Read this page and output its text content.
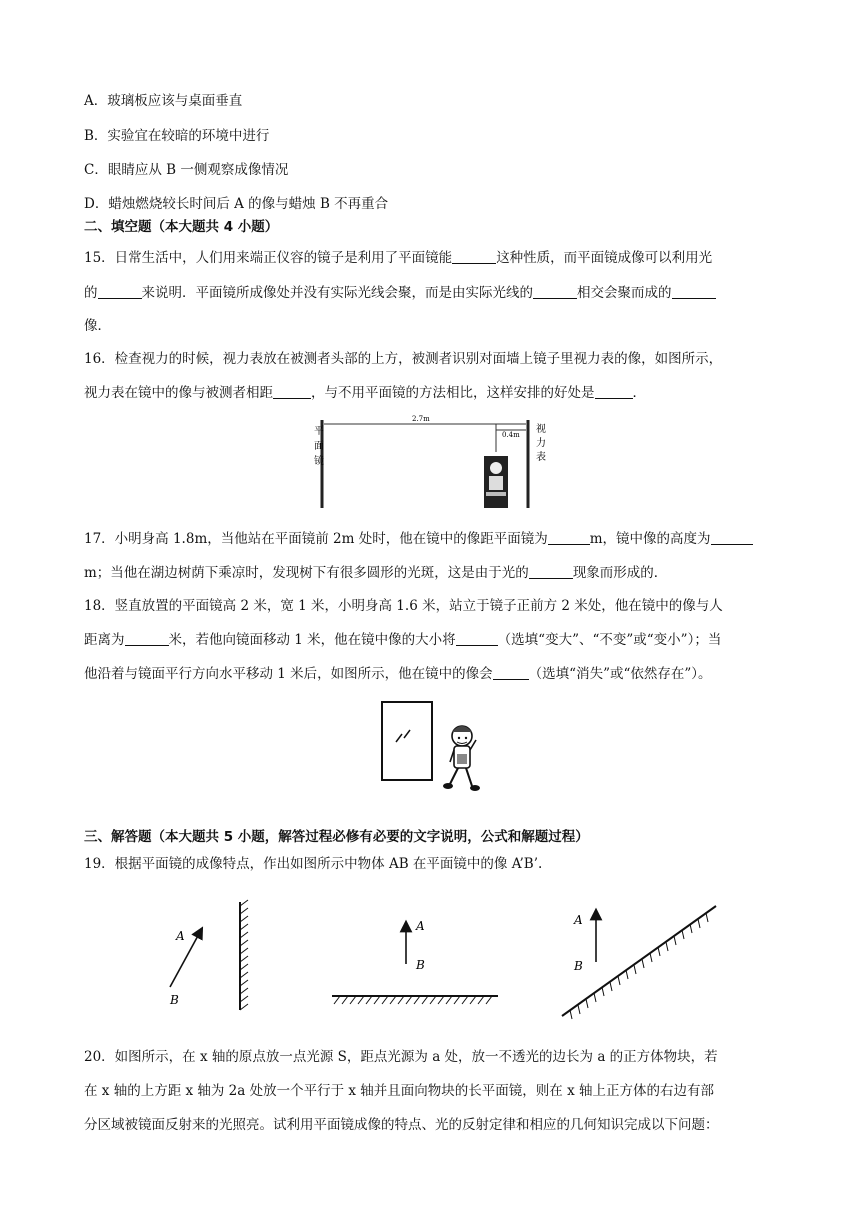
A．玻璃板应该与桌面垂直
B．实验宜在较暗的环境中进行
C．眼睛应从 B 一侧观察成像情况
D．蜡烛燃烧较长时间后 A 的像与蜡烛 B 不再重合
二、填空题（本大题共 4 小题）
15．日常生活中，人们用来端正仪容的镜子是利用了平面镜能	这种性质，而平面镜成像可以利用光
的	来说明．平面镜所成像处并没有实际光线会聚，而是由实际光线的	相交会聚而成的
像．
16．检查视力的时候，视力表放在被测者头部的上方，被测者识别对面墙上镜子里视力表的像，如图所示，
视力表在镜中的像与被测者相距	，与不用平面镜的方法相比，这样安排的好处是	．
平
面
镜
2.7m
0.4m 视
力
表
17．小明身高 1.8m，当他站在平面镜前 2m 处时，他在镜中的像距平面镜为	m，镜中像的高度为
m；当他在湖边树荫下乘凉时，发现树下有很多圆形的光斑，这是由于光的	现象而形成的．
18．竖直放置的平面镜高 2 米，宽 1 米，小明身高 1.6 米，站立于镜子正前方 2 米处，他在镜中的像与人
距离为	米，若他向镜面移动 1 米，他在镜中像的大小将	（选填“变大”、“不变”或“变小”）；当
他沿着与镜面平行方向水平移动 1 米后，如图所示，他在镜中的像会	（选填“消失”或“依然存在”）。
三、解答题（本大题共 5 小题，解答过程必修有必要的文字说明，公式和解题过程）
19．根据平面镜的成像特点，作出如图所示中物体 AB 在平面镜中的像 A’B’.
A
B
A
B
A
B
20．如图所示，在 x 轴的原点放一点光源 S，距点光源为 a 处，放一不透光的边长为 a 的正方体物块，若
在 x 轴的上方距 x 轴为 2a 处放一个平行于 x 轴并且面向物块的长平面镜，则在 x 轴上正方体的右边有部
分区域被镜面反射来的光照亮。试利用平面镜成像的特点、光的反射定律和相应的几何知识完成以下问题：
